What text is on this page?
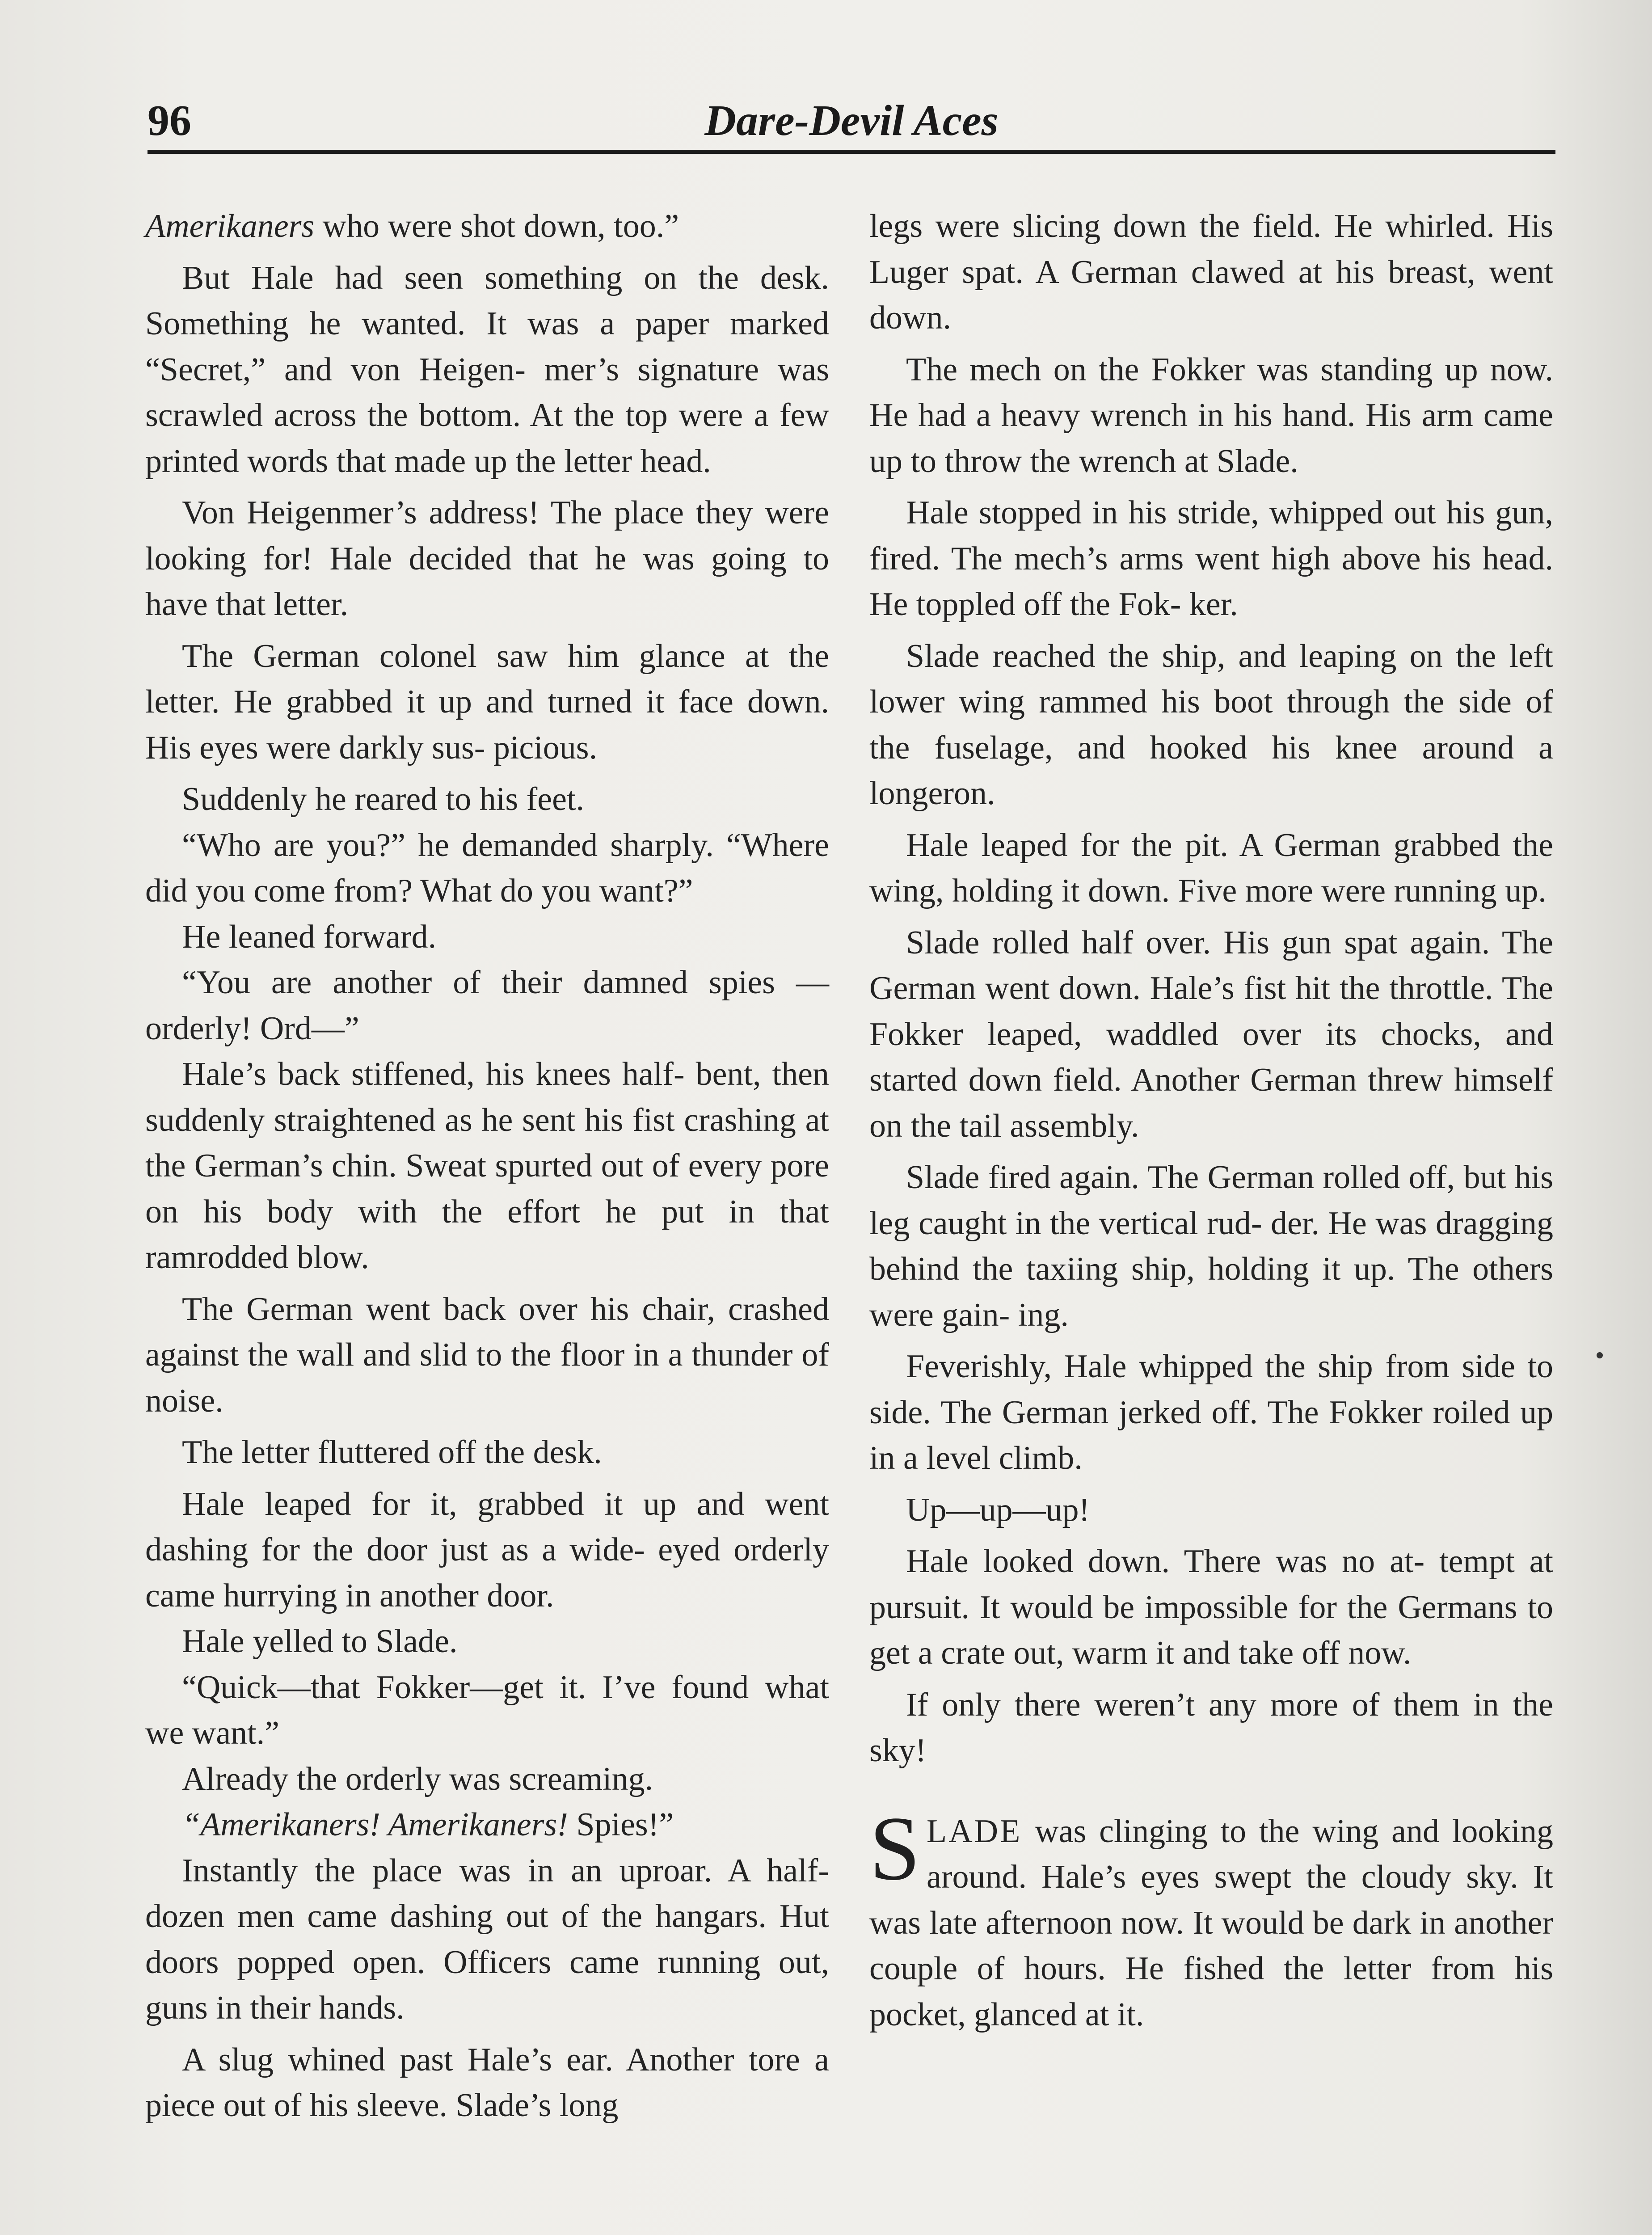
96	Dare-Devil Aces

Amerikaners who were shot down, too.”

But Hale had seen something on the desk. Something he wanted. It was a paper marked “Secret,” and von Heigen- mer’s signature was scrawled across the bottom. At the top were a few printed words that made up the letter head.

Von Heigenmer’s address! The place they were looking for! Hale decided that he was going to have that letter.

The German colonel saw him glance at the letter. He grabbed it up and turned it face down. His eyes were darkly sus- picious.

Suddenly he reared to his feet.

“Who are you?” he demanded sharply. “Where did you come from? What do you want?”

He leaned forward.

“You are another of their damned spies —orderly! Ord—”

Hale’s back stiffened, his knees half- bent, then suddenly straightened as he sent his fist crashing at the German’s chin. Sweat spurted out of every pore on his body with the effort he put in that ramrodded blow.

The German went back over his chair, crashed against the wall and slid to the floor in a thunder of noise.

The letter fluttered off the desk.

Hale leaped for it, grabbed it up and went dashing for the door just as a wide- eyed orderly came hurrying in another door.

Hale yelled to Slade.

“Quick—that Fokker—get it. I’ve found what we want.”

Already the orderly was screaming.

“Amerikaners! Amerikaners! Spies!”

Instantly the place was in an uproar. A half-dozen men came dashing out of the hangars. Hut doors popped open. Officers came running out, guns in their hands.

A slug whined past Hale’s ear. Another tore a piece out of his sleeve. Slade’s long

legs were slicing down the field. He whirled. His Luger spat. A German clawed at his breast, went down.

The mech on the Fokker was standing up now. He had a heavy wrench in his hand. His arm came up to throw the wrench at Slade.

Hale stopped in his stride, whipped out his gun, fired. The mech’s arms went high above his head. He toppled off the Fok- ker.

Slade reached the ship, and leaping on the left lower wing rammed his boot through the side of the fuselage, and hooked his knee around a longeron.

Hale leaped for the pit. A German grabbed the wing, holding it down. Five more were running up.

Slade rolled half over. His gun spat again. The German went down. Hale’s fist hit the throttle. The Fokker leaped, waddled over its chocks, and started down field. Another German threw himself on the tail assembly.

Slade fired again. The German rolled off, but his leg caught in the vertical rud- der. He was dragging behind the taxiing ship, holding it up. The others were gain- ing.

Feverishly, Hale whipped the ship from side to side. The German jerked off. The Fokker roiled up in a level climb.

Up—up—up!

Hale looked down. There was no at- tempt at pursuit. It would be impossible for the Germans to get a crate out, warm it and take off now.

If only there weren’t any more of them in the sky!

SLADE was clinging to the wing and looking around. Hale’s eyes swept the cloudy sky. It was late afternoon now. It would be dark in another couple of hours. He fished the letter from his pocket, glanced at it.
